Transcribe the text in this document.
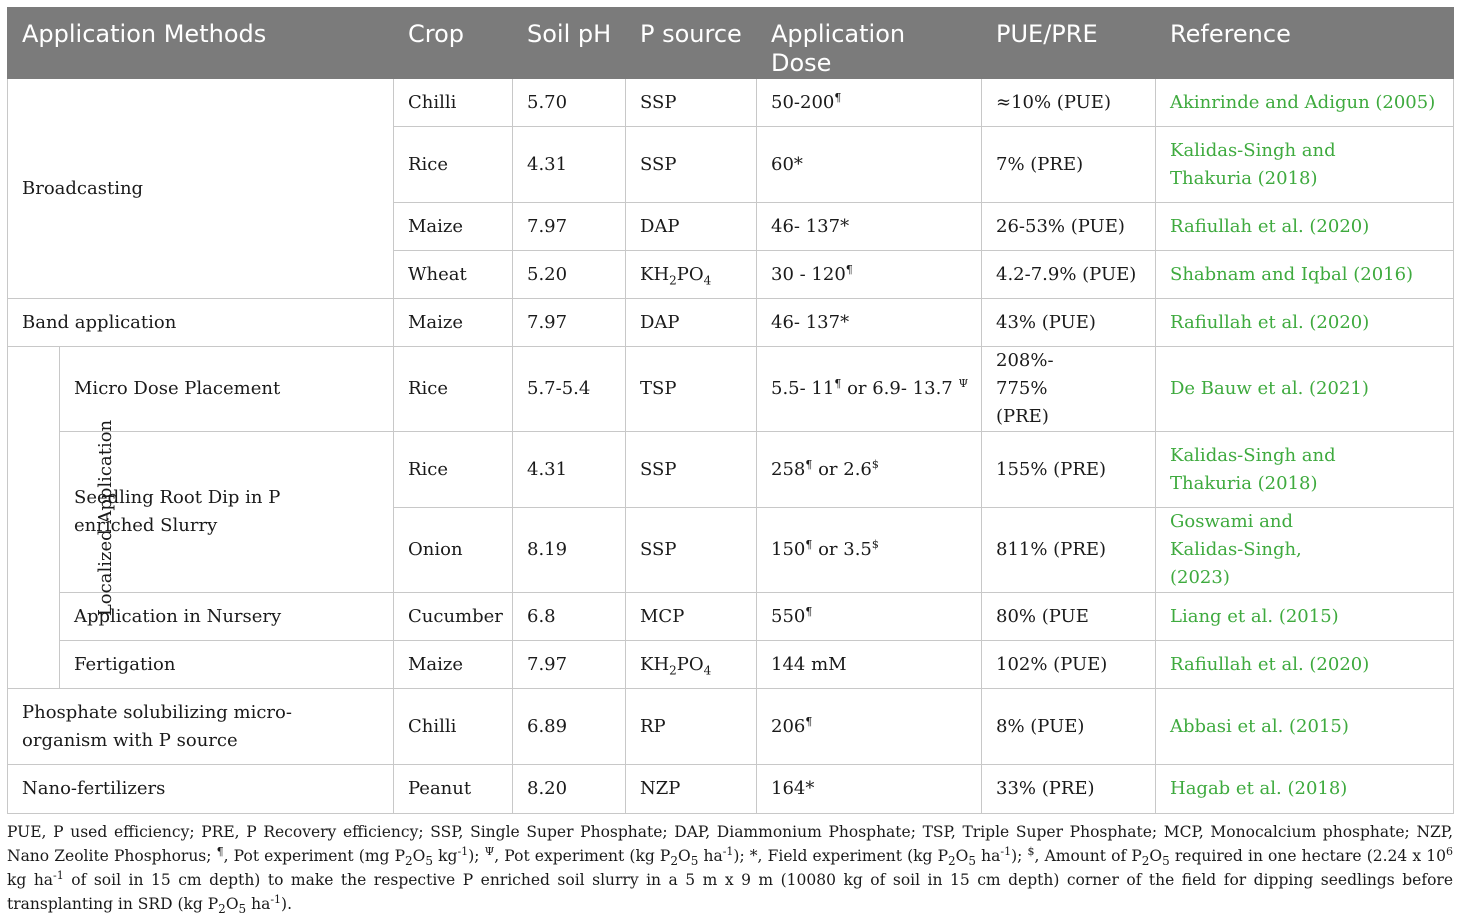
Application Methods		Crop	Soil pH	P source	Application Dose	PUE/PRE	Reference
Broadcasting		Chilli	5.70	SSP	50-200¶	≈10% (PUE)	Akinrinde and Adigun (2005)
		Rice	4.31	SSP	60*	7% (PRE)	Kalidas-Singh and Thakuria (2018)
		Maize	7.97	DAP	46- 137*	26-53% (PUE)	Rafiullah et al. (2020)
		Wheat	5.20	$KH_2PO_4$	30 - 120¶	4.2-7.9% (PUE)	Shabnam and Iqbal (2016)
Band application		Maize	7.97	DAP	46- 137*	43% (PUE)	Rafiullah et al. (2020)
Localized Application	Micro Dose Placement	Rice	5.7-5.4	TSP	5.5- 11¶ or 6.9- 13.7 $^\Psi$	208%- 775% (PRE)	De Bauw et al. (2021)
	Seedling Root Dip in P enriched Slurry	Rice	4.31	SSP	258¶ or 2.6$	155% (PRE)	Kalidas-Singh and Thakuria (2018)
		Onion	8.19	SSP	150¶ or 3.5$	811% (PRE)	Goswami and Kalidas-Singh, (2023)
	Application in Nursery	Cucumber	6.8	MCP	550¶	80% (PUE	Liang et al. (2015)
	Fertigation	Maize	7.97	$KH_2PO_4$	144 mM	102% (PUE)	Rafiullah et al. (2020)
Phosphate solubilizing micro-organism with P source		Chilli	6.89	RP	206¶	8% (PUE)	Abbasi et al. (2015)
Nano-fertilizers		Peanut	8.20	NZP	164*	33% (PRE)	Hagab et al. (2018)
PUE, P used efficiency; PRE, P Recovery efficiency; SSP, Single Super Phosphate; DAP, Diammonium Phosphate; TSP, Triple Super Phosphate; MCP, Monocalcium phosphate; NZP, Nano Zeolite Phosphorus; ¶, Pot experiment (mg $P_2O_5$ $kg^{-1}$); $^\Psi$, Pot experiment (kg $P_2O_5$ $ha^{-1}$); *, Field experiment (kg $P_2O_5$ $ha^{-1}$); $, Amount of $P_2O_5$ required in one hectare (2.24 x $10^6$ kg $ha^{-1}$ of soil in 15 cm depth) to make the respective P enriched soil slurry in a 5 m x 9 m (10080 kg of soil in 15 cm depth) corner of the field for dipping seedlings before transplanting in SRD (kg $P_2O_5$ $ha^{-1}$).
